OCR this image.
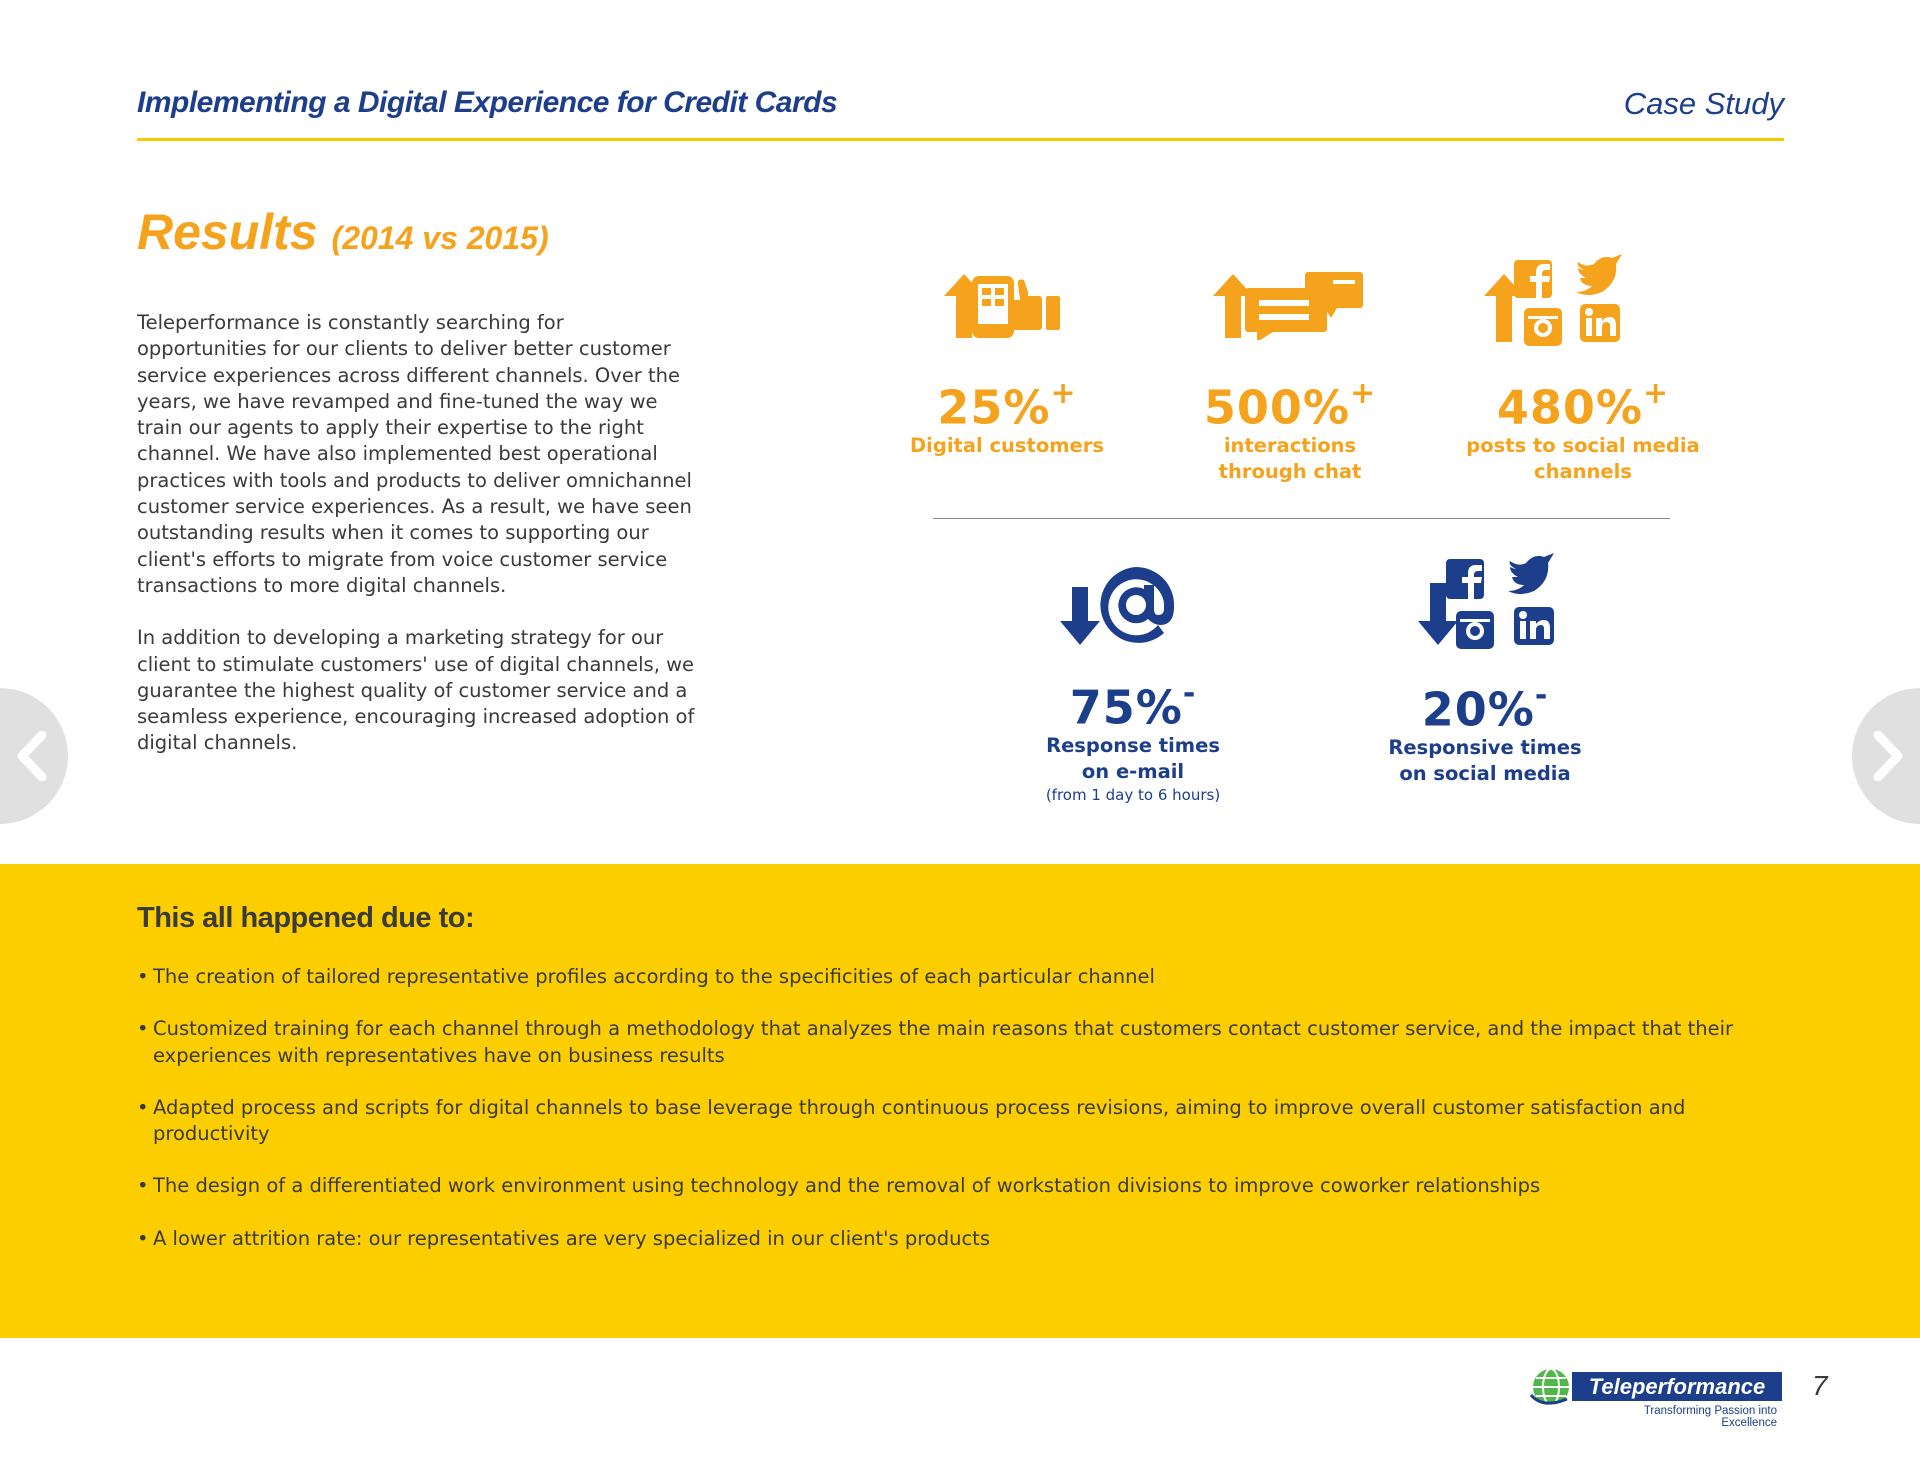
Implementing a Digital Experience for Credit Cards	Case Study
Results (2014 vs 2015)

Teleperformance is constantly searching for opportunities for our clients to deliver better customer service experiences across different channels. Over the years, we have revamped and fine-tuned the way we train our agents to apply their expertise to the right channel. We have also implemented best operational practices with tools and products to deliver omnichannel customer service experiences. As a result, we have seen outstanding results when it comes to supporting our client's efforts to migrate from voice customer service transactions to more digital channels.

In addition to developing a marketing strategy for our client to stimulate customers' use of digital channels, we guarantee the highest quality of customer service and a seamless experience, encouraging increased adoption of digital channels.

25%+
Digital customers
500%+
interactions
through chat
480%+
posts to social media
channels
75%-
Response times
on e-mail
(from 1 day to 6 hours)
20%-
Responsive times
on social media
This all happened due to:
• The creation of tailored representative profiles according to the specificities of each particular channel
• Customized training for each channel through a methodology that analyzes the main reasons that customers contact customer service, and the impact that their experiences with representatives have on business results
• Adapted process and scripts for digital channels to base leverage through continuous process revisions, aiming to improve overall customer satisfaction and productivity
• The design of a differentiated work environment using technology and the removal of workstation divisions to improve coworker relationships
• A lower attrition rate: our representatives are very specialized in our client's products
Teleperformance
Transforming Passion into Excellence
7
